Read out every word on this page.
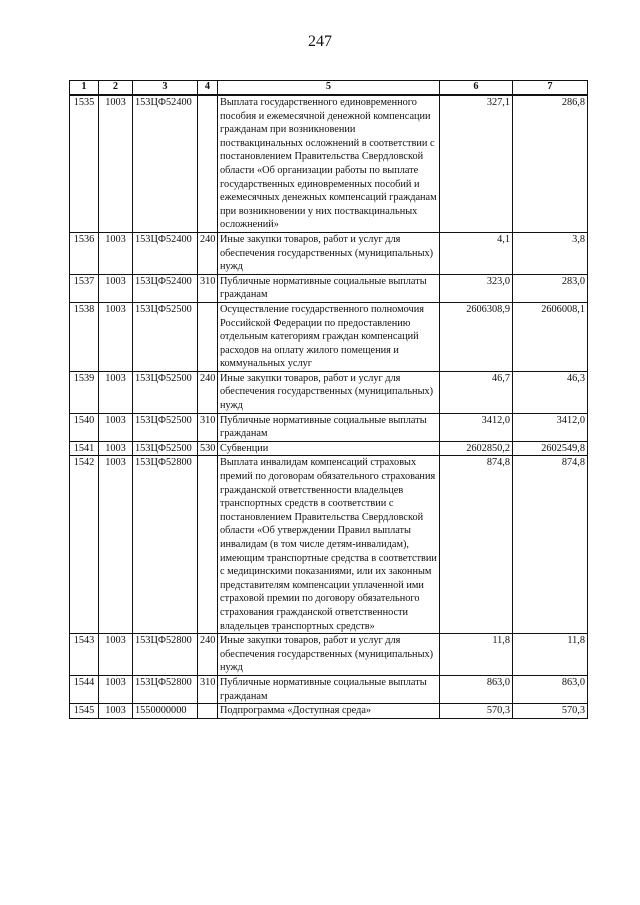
247
1	2	3	4	5	6	7
1535	1003	153ЦФ52400		Выплата государственного единовременного пособия и ежемесячной денежной компенсации гражданам при возникновении поствакцинальных осложнений в соответствии с постановлением Правительства Свердловской области «Об организации работы по выплате государственных единовременных пособий и ежемесячных денежных компенсаций гражданам при возникновении у них поствакцинальных осложнений»	327,1	286,8
1536	1003	153ЦФ52400	240	Иные закупки товаров, работ и услуг для обеспечения государственных (муниципальных) нужд	4,1	3,8
1537	1003	153ЦФ52400	310	Публичные нормативные социальные выплаты гражданам	323,0	283,0
1538	1003	153ЦФ52500		Осуществление государственного полномочия Российской Федерации по предоставлению отдельным категориям граждан компенсаций расходов на оплату жилого помещения и коммунальных услуг	2606308,9	2606008,1
1539	1003	153ЦФ52500	240	Иные закупки товаров, работ и услуг для обеспечения государственных (муниципальных) нужд	46,7	46,3
1540	1003	153ЦФ52500	310	Публичные нормативные социальные выплаты гражданам	3412,0	3412,0
1541	1003	153ЦФ52500	530	Субвенции	2602850,2	2602549,8
1542	1003	153ЦФ52800		Выплата инвалидам компенсаций страховых премий по договорам обязательного страхования гражданской ответственности владельцев транспортных средств в соответствии с постановлением Правительства Свердловской области «Об утверждении Правил выплаты инвалидам (в том числе детям-инвалидам), имеющим транспортные средства в соответствии с медицинскими показаниями, или их законным представителям компенсации уплаченной ими страховой премии по договору обязательного страхования гражданской ответственности владельцев транспортных средств»	874,8	874,8
1543	1003	153ЦФ52800	240	Иные закупки товаров, работ и услуг для обеспечения государственных (муниципальных) нужд	11,8	11,8
1544	1003	153ЦФ52800	310	Публичные нормативные социальные выплаты гражданам	863,0	863,0
1545	1003	1550000000		Подпрограмма «Доступная среда»	570,3	570,3
